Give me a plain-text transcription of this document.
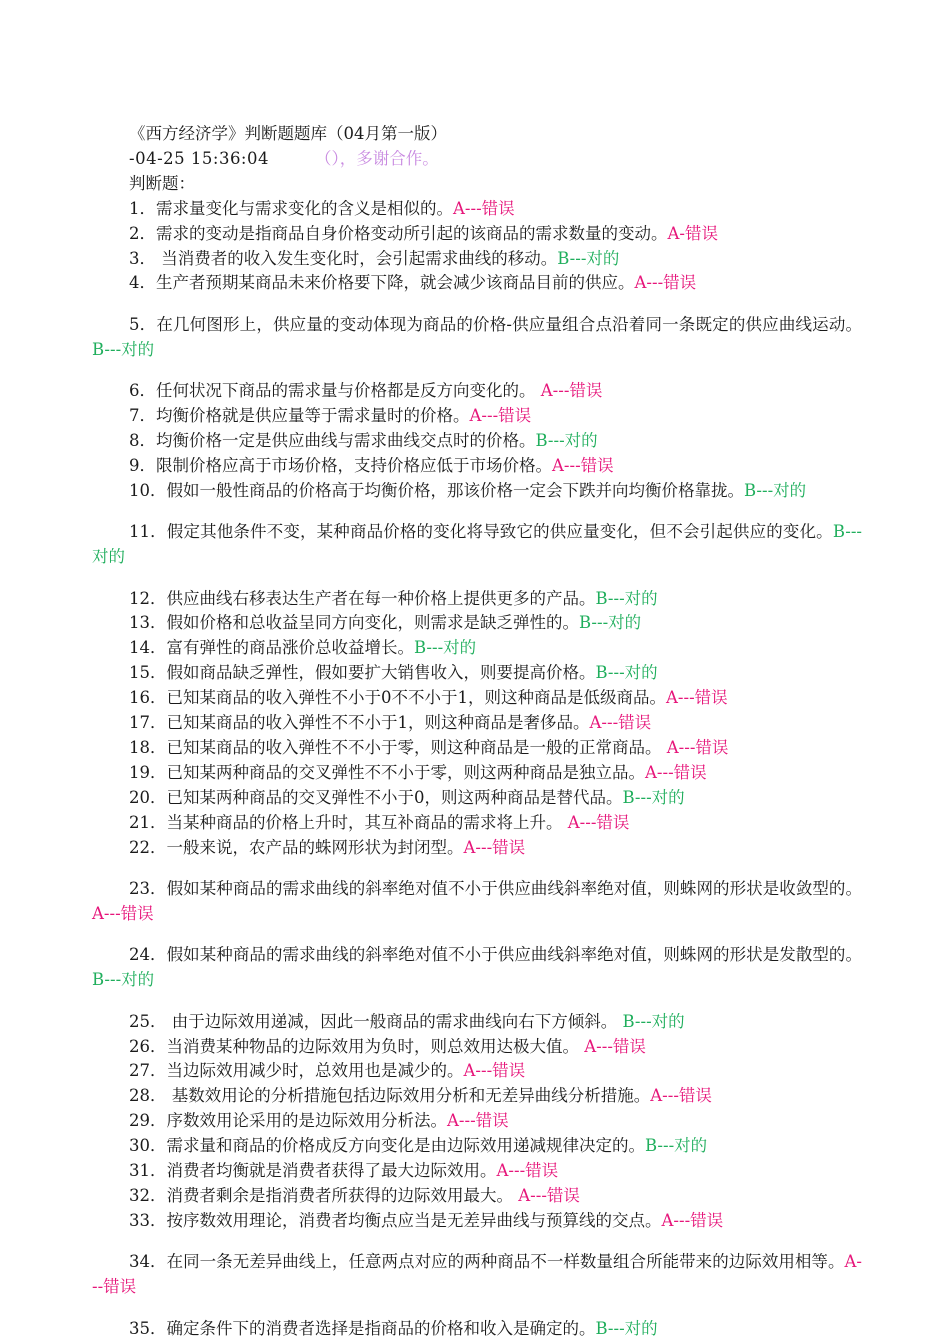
《西方经济学》判断题题库（04月第一版）

-04-25 15:36:04	（），多谢合作。

判断题：

1．需求量变化与需求变化的含义是相似的。A---错误

2．需求的变动是指商品自身价格变动所引起的该商品的需求数量的变动。A-错误

3． 当消费者的收入发生变化时，会引起需求曲线的移动。B---对的

4．生产者预期某商品未来价格要下降，就会减少该商品目前的供应。A---错误

5．在几何图形上，供应量的变动体现为商品的价格-供应量组合点沿着同一条既定的供应曲线运动。B---对的

6．任何状况下商品的需求量与价格都是反方向变化的。 A---错误

7．均衡价格就是供应量等于需求量时的价格。A---错误

8．均衡价格一定是供应曲线与需求曲线交点时的价格。B---对的

9．限制价格应高于市场价格，支持价格应低于市场价格。A---错误

10．假如一般性商品的价格高于均衡价格，那该价格一定会下跌并向均衡价格靠拢。B---对的

11．假定其他条件不变，某种商品价格的变化将导致它的供应量变化，但不会引起供应的变化。B---对的

12．供应曲线右移表达生产者在每一种价格上提供更多的产品。B---对的

13．假如价格和总收益呈同方向变化，则需求是缺乏弹性的。B---对的

14．富有弹性的商品涨价总收益增长。B---对的

15．假如商品缺乏弹性，假如要扩大销售收入，则要提高价格。B---对的

16．已知某商品的收入弹性不小于0不不小于1，则这种商品是低级商品。A---错误

17．已知某商品的收入弹性不不小于1，则这种商品是奢侈品。A---错误

18．已知某商品的收入弹性不不小于零，则这种商品是一般的正常商品。 A---错误

19．已知某两种商品的交叉弹性不不小于零，则这两种商品是独立品。A---错误

20．已知某两种商品的交叉弹性不小于0，则这两种商品是替代品。B---对的

21．当某种商品的价格上升时，其互补商品的需求将上升。 A---错误

22．一般来说，农产品的蛛网形状为封闭型。A---错误

23．假如某种商品的需求曲线的斜率绝对值不小于供应曲线斜率绝对值，则蛛网的形状是收敛型的。A---错误

24．假如某种商品的需求曲线的斜率绝对值不小于供应曲线斜率绝对值，则蛛网的形状是发散型的。B---对的

25． 由于边际效用递减，因此一般商品的需求曲线向右下方倾斜。 B---对的

26．当消费某种物品的边际效用为负时，则总效用达极大值。 A---错误

27．当边际效用减少时，总效用也是减少的。A---错误

28． 基数效用论的分析措施包括边际效用分析和无差异曲线分析措施。A---错误

29．序数效用论采用的是边际效用分析法。A---错误

30．需求量和商品的价格成反方向变化是由边际效用递减规律决定的。B---对的

31．消费者均衡就是消费者获得了最大边际效用。A---错误

32．消费者剩余是指消费者所获得的边际效用最大。 A---错误

33．按序数效用理论，消费者均衡点应当是无差异曲线与预算线的交点。A---错误

34．在同一条无差异曲线上，任意两点对应的两种商品不一样数量组合所能带来的边际效用相等。A---错误

35．确定条件下的消费者选择是指商品的价格和收入是确定的。B---对的
